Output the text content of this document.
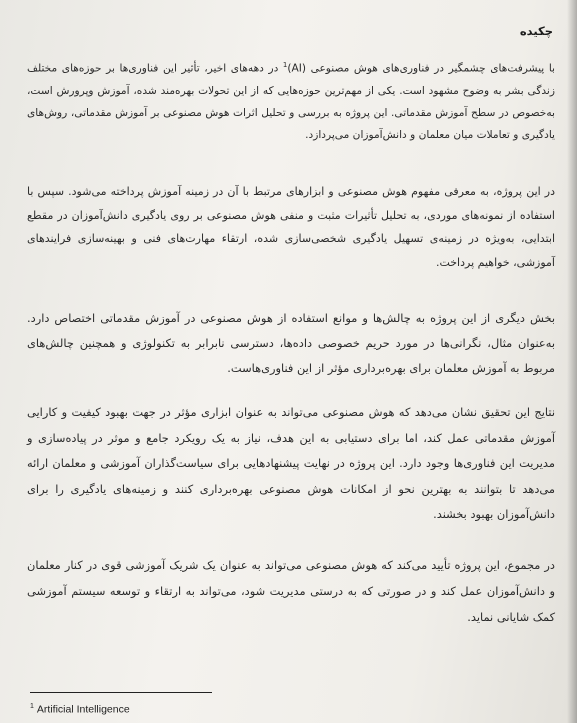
چکیده

با پیشرفت‌های چشمگیر در فناوری‌های هوش مصنوعی (AI)$^1$ در دهه‌های اخیر، تأثیر این فناوری‌ها بر حوزه‌های مختلف زندگی بشر به وضوح مشهود است. یکی از مهم‌ترین حوزه‌هایی که از این تحولات بهره‌مند شده، آموزش وپرورش است، به‌خصوص در سطح آموزش مقدماتی. این پروژه به بررسی و تحلیل اثرات هوش مصنوعی بر آموزش مقدماتی، روش‌های یادگیری و تعاملات میان معلمان و دانش‌آموزان می‌پردازد.

در این پروژه، به معرفی مفهوم هوش مصنوعی و ابزارهای مرتبط با آن در زمینه آموزش پرداخته می‌شود. سپس با استفاده از نمونه‌های موردی، به تحلیل تأثیرات مثبت و منفی هوش مصنوعی بر روی یادگیری دانش‌آموزان در مقطع ابتدایی، به‌ویژه در زمینه‌ی تسهیل یادگیری شخصی‌سازی شده، ارتقاء مهارت‌های فنی و بهینه‌سازی فرایندهای آموزشی، خواهیم پرداخت.

بخش دیگری از این پروژه به چالش‌ها و موانع استفاده از هوش مصنوعی در آموزش مقدماتی اختصاص دارد. به‌عنوان مثال، نگرانی‌ها در مورد حریم خصوصی داده‌ها، دسترسی نابرابر به تکنولوژی و همچنین چالش‌های مربوط به آموزش معلمان برای بهره‌برداری مؤثر از این فناوری‌هاست.

نتایج این تحقیق نشان می‌دهد که هوش مصنوعی می‌تواند به عنوان ابزاری مؤثر در جهت بهبود کیفیت و کارایی آموزش مقدماتی عمل کند، اما برای دستیابی به این هدف، نیاز به یک رویکرد جامع و موثر در پیاده‌سازی و مدیریت این فناوری‌ها وجود دارد. این پروژه در نهایت پیشنهادهایی برای سیاست‌گذاران آموزشی و معلمان ارائه می‌دهد تا بتوانند به بهترین نحو از امکانات هوش مصنوعی بهره‌برداری کنند و زمینه‌های یادگیری را برای دانش‌آموزان بهبود بخشند.

در مجموع، این پروژه تأیید می‌کند که هوش مصنوعی می‌تواند به عنوان یک شریک آموزشی قوی در کنار معلمان و دانش‌آموزان عمل کند و در صورتی که به درستی مدیریت شود، می‌تواند به ارتقاء و توسعه سیستم آموزشی کمک شایانی نماید.

$^1$ Artificial Intelligence
